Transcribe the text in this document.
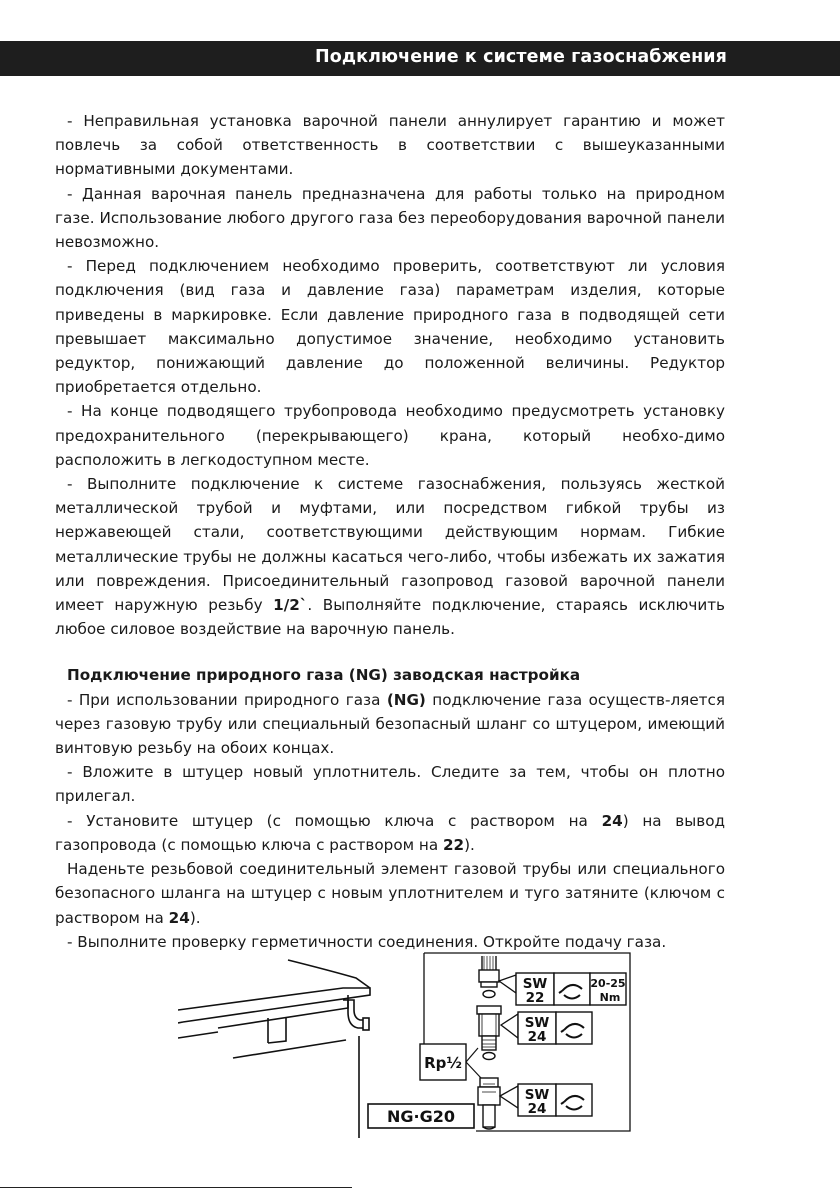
Подключение к системе газоснабжения

- Неправильная установка варочной панели аннулирует гарантию и может повлечь за собой ответственность в соответствии с вышеуказанными нормативными документами.

- Данная варочная панель предназначена для работы только на природном газе. Использование любого другого газа без переоборудования варочной панели невозможно.

- Перед подключением необходимо проверить, соответствуют ли условия подключения (вид газа и давление газа) параметрам изделия, которые приведены в маркировке. Если давление природного газа в подводящей сети превышает максимально допустимое значение, необходимо установить редуктор, понижающий давление до положенной величины. Редуктор приобретается отдельно.

- На конце подводящего трубопровода необходимо предусмотреть установку предохранительного (перекрывающего) крана, который необхо-димо расположить в легкодоступном месте.

- Выполните подключение к системе газоснабжения, пользуясь жесткой металлической трубой и муфтами, или посредством гибкой трубы из нержавеющей стали, соответствующими действующим нормам. Гибкие металлические трубы не должны касаться чего-либо, чтобы избежать их зажатия или повреждения. Присоединительный газопровод газовой варочной панели имеет наружную резьбу 1/2`. Выполняйте подключение, стараясь исключить любое силовое воздействие на варочную панель.

Подключение природного газа (NG) заводская настройка

- При использовании природного газа (NG) подключение газа осуществ-ляется через газовую трубу или специальный безопасный шланг со штуцером, имеющий винтовую резьбу на обоих концах.

- Вложите в штуцер новый уплотнитель. Следите за тем, чтобы он плотно прилегал.

- Установите штуцер (с помощью ключа с раствором на 24) на вывод газопровода (с помощью ключа с раствором на 22).

Наденьте резьбовой соединительный элемент газовой трубы или специального безопасного шланга на штуцер с новым уплотнителем и туго затяните (ключом с раствором на 24).

- Выполните проверку герметичности соединения. Откройте подачу газа.

NG·G20
Rp½
SW
22
20-25
Nm
SW
24
SW
24
